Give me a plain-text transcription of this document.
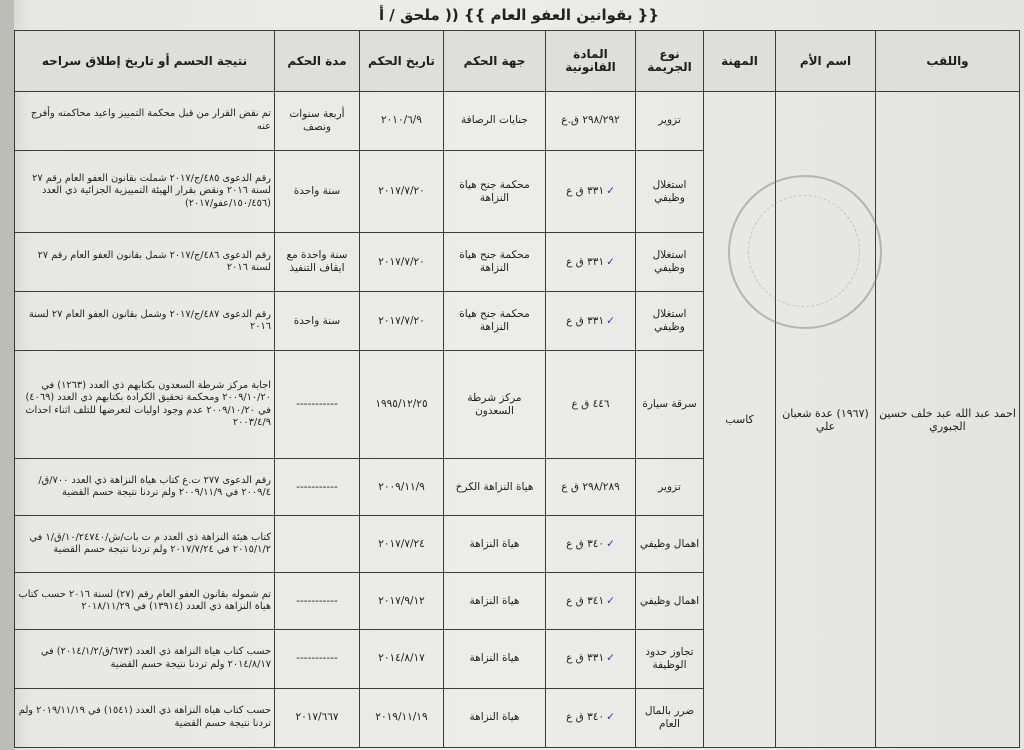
{{ بقوانين العفو العام }} (( ملحق / أ
واللقب	اسم الأم	المهنة	نوع الجريمة	المادة القانونية	جهة الحكم	تاريخ الحكم	مدة الحكم	نتيجة الحسم أو تاريخ إطلاق سراحه
احمد عبد الله عبد خلف حسين الجبوري	(١٩٦٧) عدة شعبان علي	كاسب	تزوير	٢٩٨/٢٩٢ ق.ع	جنايات الرصافة	٢٠١٠/٦/٩	أربعة سنوات ونصف	تم نقض القرار من قبل محكمة التمييز واعيد محاكمته وأفرج عنه
			استغلال وظيفي	✓٣٣١ ق ع	محكمة جنح هياة النزاهة	٢٠١٧/٧/٢٠	سنة واحدة	رقم الدعوى ٤٨٥/ج/٢٠١٧ شملت بقانون العفو العام رقم ٢٧ لسنة ٢٠١٦ ونقض بقرار الهيئة التمييزية الجزائية ذي العدد (١٥٠/٤٥٦/عفو/٢٠١٧)
			استغلال وظيفي	✓٣٣١ ق ع	محكمة جنح هياة النزاهة	٢٠١٧/٧/٢٠	سنة واحدة مع ايقاف التنفيذ	رقم الدعوى ٤٨٦/ج/٢٠١٧ شمل بقانون العفو العام رقم ٢٧ لسنة ٢٠١٦
			استغلال وظيفي	✓٣٣١ ق ع	محكمة جنح هياة النزاهة	٢٠١٧/٧/٢٠	سنة واحدة	رقم الدعوى ٤٨٧/ج/٢٠١٧ وشمل بقانون العفو العام ٢٧ لسنة ٢٠١٦
			سرقة سيارة	٤٤٦ ق ع	مركز شرطة السعدون	١٩٩٥/١٢/٢٥	-----------	اجابة مركز شرطة السعدون بكتابهم ذي العدد (١٢٦٣) في ٢٠٠٩/١٠/٢٠ ومحكمة تحقيق الكرادة بكتابهم ذي العدد (٤٠٦٩) في ٢٠٠٩/١٠/٢٠ عدم وجود اوليات لتعرضها للتلف اثناء احداث ٢٠٠٣/٤/٩
			تزوير	٢٩٨/٢٨٩ ق ع	هياة النزاهة الكرخ	٢٠٠٩/١١/٩	-----------	رقم الدعوى ٢٧٧ ت.ع كتاب هياة النزاهة ذي العدد ٧٠٠/ق/٢٠٠٩/٤ في ٢٠٠٩/١١/٩ ولم تردنا نتيجة حسم القضية
			اهمال وظيفي	✓٣٤٠ ق ع	هياة النزاهة	٢٠١٧/٧/٢٤		كتاب هيئة النزاهة ذي العدد م ت بات/ش/١٠/٢٤٧٤٠/ق/١ في ٢٠١٥/١/٢ في ٢٠١٧/٧/٢٤ ولم تردنا نتيجة حسم القضية
			اهمال وظيفي	✓٣٤١ ق ع	هياة النزاهة	٢٠١٧/٩/١٢	-----------	تم شموله بقانون العفو العام رقم (٢٧) لسنة ٢٠١٦ حسب كتاب هياة النزاهة ذي العدد (١٣٩١٤) في ٢٠١٨/١١/٢٩
			تجاوز حدود الوظيفة	✓٣٣١ ق ع	هياة النزاهة	٢٠١٤/٨/١٧	-----------	حسب كتاب هياة النزاهة ذي العدد (٦٧٣/ق/٢٠١٤/١/٢) في ٢٠١٤/٨/١٧ ولم تردنا نتيجة حسم القضية
			ضرر بالمال العام	✓٣٤٠ ق ع	هياة النزاهة	٢٠١٩/١١/١٩	٢٠١٧/٦٦٧	حسب كتاب هياة النزاهة ذي العدد (١٥٤١) في ٢٠١٩/١١/١٩ ولم تردنا نتيجة حسم القضية
